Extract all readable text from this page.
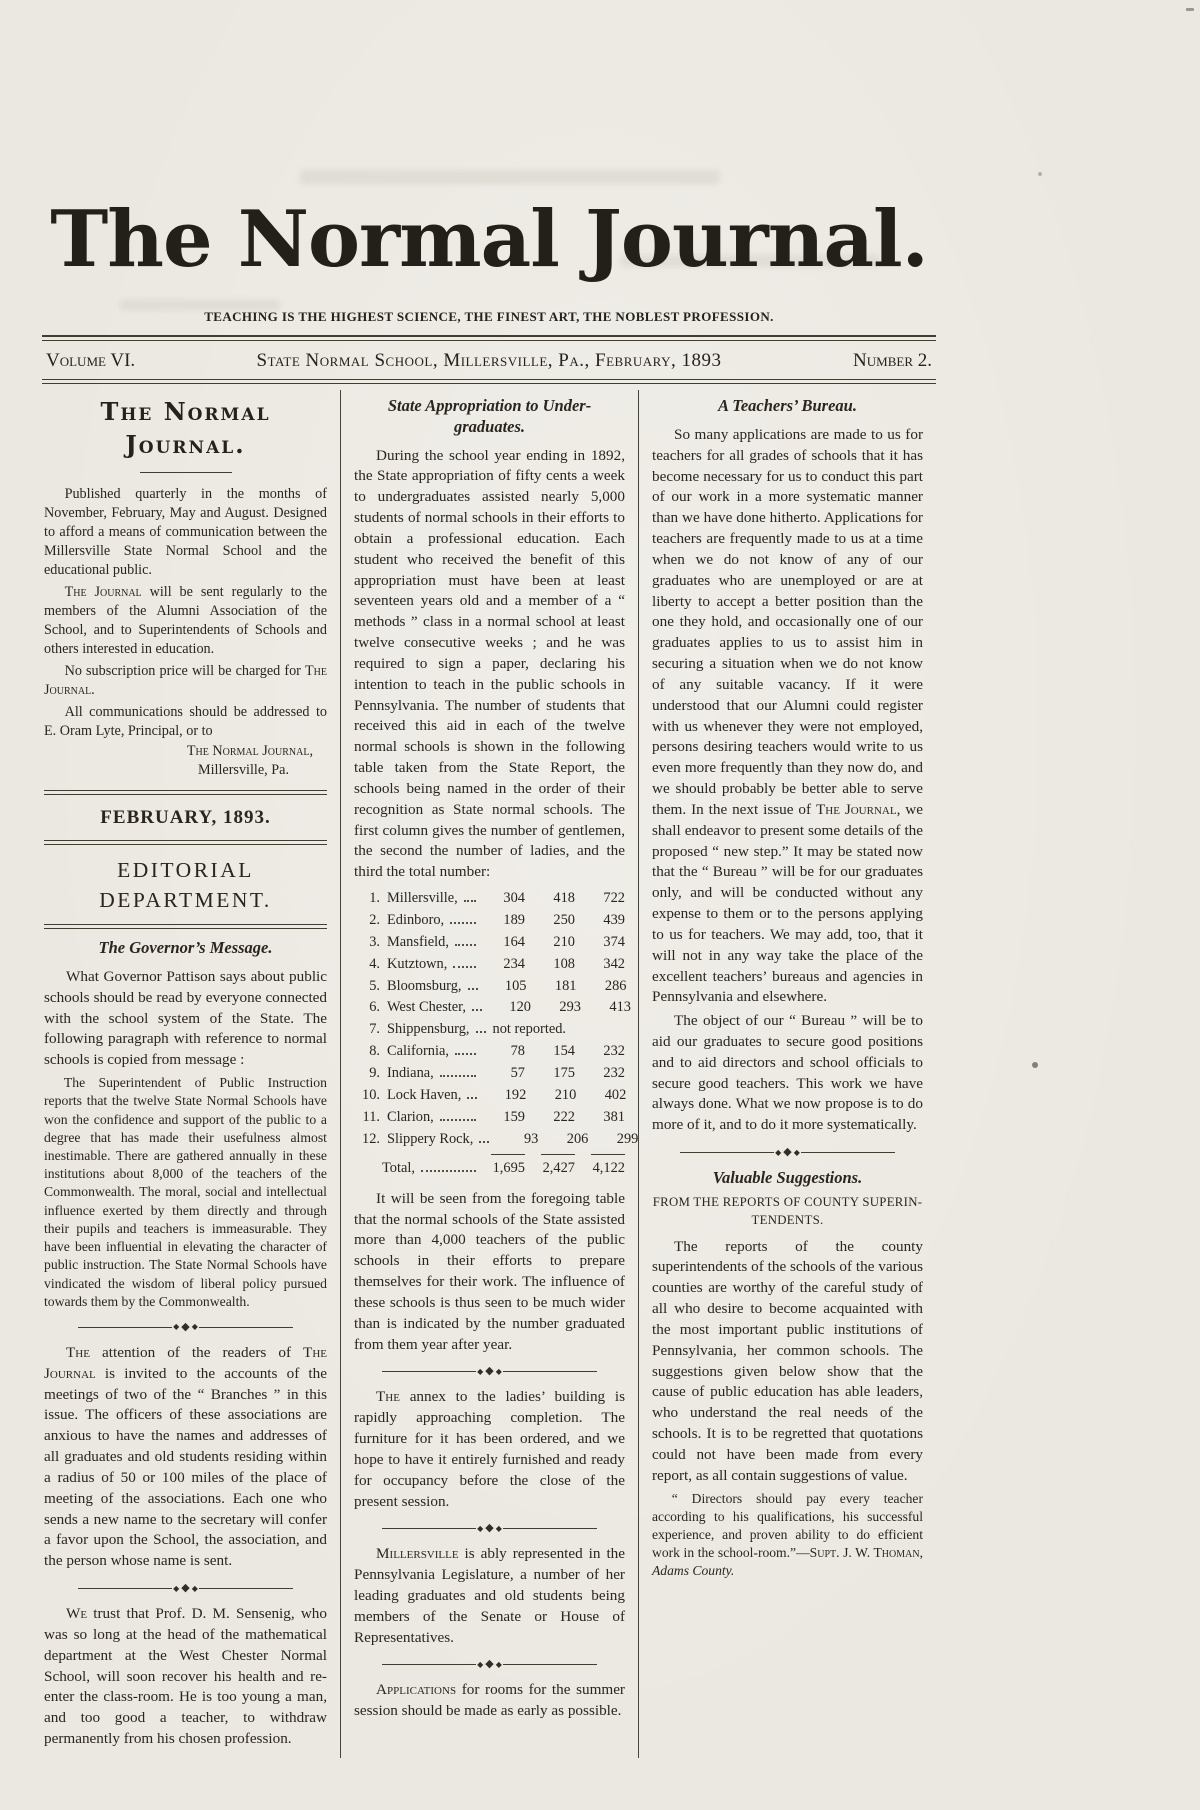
The Normal Journal.
TEACHING IS THE HIGHEST SCIENCE, THE FINEST ART, THE NOBLEST PROFESSION.
Volume VI.	State Normal School, Millersville, Pa., February, 1893	Number 2.
The Normal Journal.

Published quarterly in the months of November, February, May and August. Designed to afford a means of communication between the Millersville State Normal School and the educational public.

The Journal will be sent regularly to the members of the Alumni Association of the School, and to Superintendents of Schools and others interested in education.

No subscription price will be charged for The Journal.

All communications should be addressed to E. Oram Lyte, Principal, or to

The Normal Journal,

Millersville, Pa.

FEBRUARY, 1893.
EDITORIAL DEPARTMENT.
The Governor’s Message.

What Governor Pattison says about public schools should be read by everyone connected with the school system of the State. The following paragraph with reference to normal schools is copied from message :

The Superintendent of Public Instruction reports that the twelve State Normal Schools have won the confidence and support of the public to a degree that has made their usefulness almost inestimable. There are gathered annually in these institutions about 8,000 of the teachers of the Commonwealth. The moral, social and intellectual influence exerted by them directly and through their pupils and teachers is immeasurable. They have been influential in elevating the character of public instruction. The State Normal Schools have vindicated the wisdom of liberal policy pursued towards them by the Commonwealth.

◆ ◆ ◆

The attention of the readers of The Journal is invited to the accounts of the meetings of two of the “ Branches ” in this issue. The officers of these associations are anxious to have the names and addresses of all graduates and old students residing within a radius of 50 or 100 miles of the place of meeting of the associations. Each one who sends a new name to the secretary will confer a favor upon the School, the association, and the person whose name is sent.

◆ ◆ ◆

We trust that Prof. D. M. Sensenig, who was so long at the head of the mathematical department at the West Chester Normal School, will soon recover his health and re-enter the class-room. He is too young a man, and too good a teacher, to withdraw permanently from his chosen profession.

State Appropriation to Under-
graduates.

During the school year ending in 1892, the State appropriation of fifty cents a week to undergraduates assisted nearly 5,000 students of normal schools in their efforts to obtain a professional education. Each student who received the benefit of this appropriation must have been at least seventeen years old and a member of a “ methods ” class in a normal school at least twelve consecutive weeks ; and he was required to sign a paper, declaring his intention to teach in the public schools in Pennsylvania. The number of students that received this aid in each of the twelve normal schools is shown in the following table taken from the State Report, the schools being named in the order of their recognition as State normal schools. The first column gives the number of gentlemen, the second the number of ladies, and the third the total number:

1. Millersville,	304	418	722
2. Edinboro,	189	250	439
3. Mansfield,	164	210	374
4. Kutztown,	234	108	342
5. Bloomsburg,	105	181	286
6. West Chester,	120	293	413
7. Shippensburg, not reported.
8. California,	78	154	232
9. Indiana,	57	175	232
10. Lock Haven,	192	210	402
11. Clarion,	159	222	381
12. Slippery Rock,	93	206	299
Total,	1,695	2,427	4,122

It will be seen from the foregoing table that the normal schools of the State assisted more than 4,000 teachers of the public schools in their efforts to prepare themselves for their work. The influence of these schools is thus seen to be much wider than is indicated by the number graduated from them year after year.

◆ ◆ ◆

The annex to the ladies’ building is rapidly approaching completion. The furniture for it has been ordered, and we hope to have it entirely furnished and ready for occupancy before the close of the present session.

◆ ◆ ◆

Millersville is ably represented in the Pennsylvania Legislature, a number of her leading graduates and old students being members of the Senate or House of Representatives.

◆ ◆ ◆

Applications for rooms for the summer session should be made as early as possible.

A Teachers’ Bureau.

So many applications are made to us for teachers for all grades of schools that it has become necessary for us to conduct this part of our work in a more systematic manner than we have done hitherto. Applications for teachers are frequently made to us at a time when we do not know of any of our graduates who are unemployed or are at liberty to accept a better position than the one they hold, and occasionally one of our graduates applies to us to assist him in securing a situation when we do not know of any suitable vacancy. If it were understood that our Alumni could register with us whenever they were not employed, persons desiring teachers would write to us even more frequently than they now do, and we should probably be better able to serve them. In the next issue of The Journal, we shall endeavor to present some details of the proposed “ new step.” It may be stated now that the “ Bureau ” will be for our graduates only, and will be conducted without any expense to them or to the persons applying to us for teachers. We may add, too, that it will not in any way take the place of the excellent teachers’ bureaus and agencies in Pennsylvania and elsewhere.

The object of our “ Bureau ” will be to aid our graduates to secure good positions and to aid directors and school officials to secure good teachers. This work we have always done. What we now propose is to do more of it, and to do it more systematically.

◆ ◆ ◆
Valuable Suggestions.
FROM THE REPORTS OF COUNTY SUPERIN-
TENDENTS.

The reports of the county superintendents of the schools of the various counties are worthy of the careful study of all who desire to become acquainted with the most important public institutions of Pennsylvania, her common schools. The suggestions given below show that the cause of public education has able leaders, who understand the real needs of the schools. It is to be regretted that quotations could not have been made from every report, as all contain suggestions of value.

“ Directors should pay every teacher according to his qualifications, his successful experience, and proven ability to do efficient work in the school-room.”—Supt. J. W. Thoman, Adams County.
